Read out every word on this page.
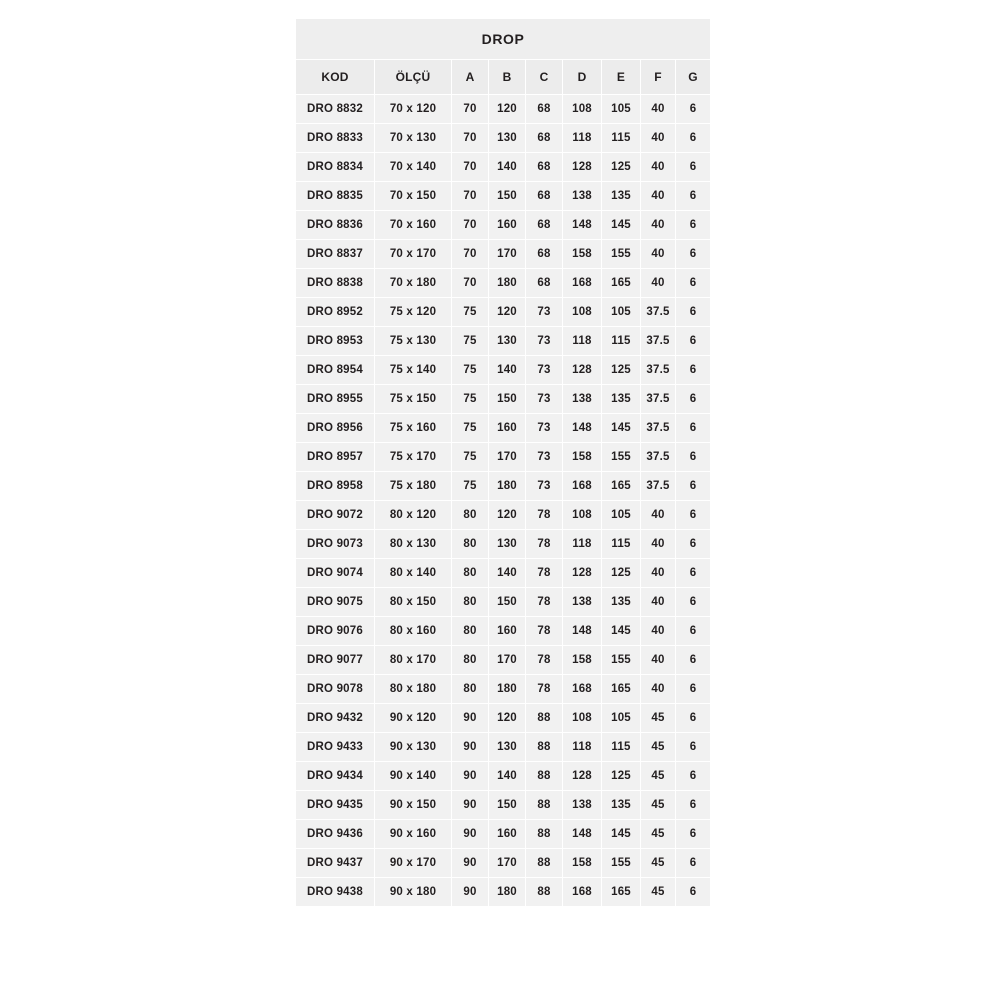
DROP								
KOD	ÖLÇÜ	A	B	C	D	E	F	G
DRO 8832	70 x 120	70	120	68	108	105	40	6
DRO 8833	70 x 130	70	130	68	118	115	40	6
DRO 8834	70 x 140	70	140	68	128	125	40	6
DRO 8835	70 x 150	70	150	68	138	135	40	6
DRO 8836	70 x 160	70	160	68	148	145	40	6
DRO 8837	70 x 170	70	170	68	158	155	40	6
DRO 8838	70 x 180	70	180	68	168	165	40	6
DRO 8952	75 x 120	75	120	73	108	105	37.5	6
DRO 8953	75 x 130	75	130	73	118	115	37.5	6
DRO 8954	75 x 140	75	140	73	128	125	37.5	6
DRO 8955	75 x 150	75	150	73	138	135	37.5	6
DRO 8956	75 x 160	75	160	73	148	145	37.5	6
DRO 8957	75 x 170	75	170	73	158	155	37.5	6
DRO 8958	75 x 180	75	180	73	168	165	37.5	6
DRO 9072	80 x 120	80	120	78	108	105	40	6
DRO 9073	80 x 130	80	130	78	118	115	40	6
DRO 9074	80 x 140	80	140	78	128	125	40	6
DRO 9075	80 x 150	80	150	78	138	135	40	6
DRO 9076	80 x 160	80	160	78	148	145	40	6
DRO 9077	80 x 170	80	170	78	158	155	40	6
DRO 9078	80 x 180	80	180	78	168	165	40	6
DRO 9432	90 x 120	90	120	88	108	105	45	6
DRO 9433	90 x 130	90	130	88	118	115	45	6
DRO 9434	90 x 140	90	140	88	128	125	45	6
DRO 9435	90 x 150	90	150	88	138	135	45	6
DRO 9436	90 x 160	90	160	88	148	145	45	6
DRO 9437	90 x 170	90	170	88	158	155	45	6
DRO 9438	90 x 180	90	180	88	168	165	45	6
